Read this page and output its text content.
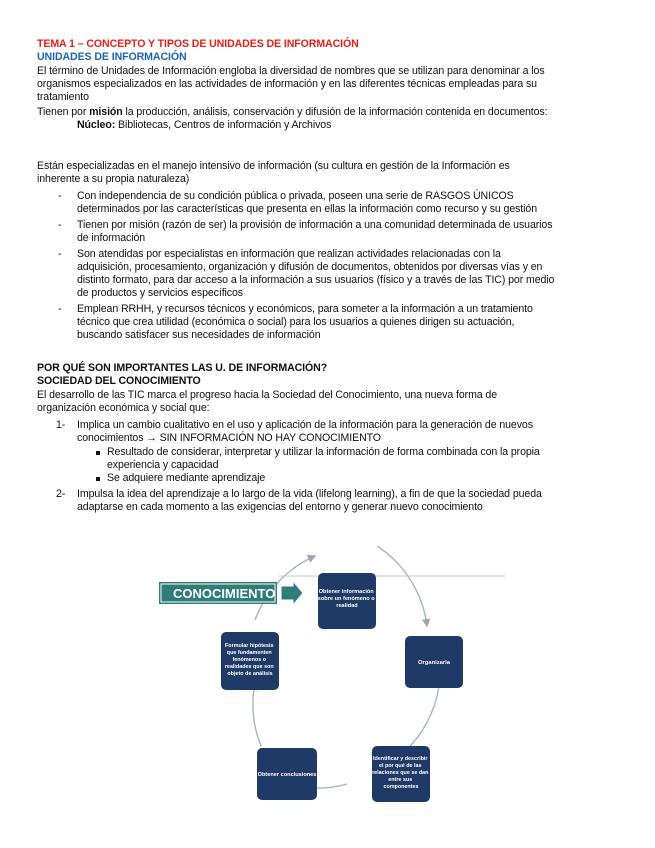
TEMA 1 – CONCEPTO Y TIPOS DE UNIDADES DE INFORMACIÓN
UNIDADES DE INFORMACIÓN
El término de Unidades de Información engloba la diversidad de nombres que se utilizan para denominar a los
organismos especializados en las actividades de información y en las diferentes técnicas empleadas para su
tratamiento
Tienen por misión la producción, análisis, conservación y difusión de la información contenida en documentos:
Núcleo: Bibliotecas, Centros de información y Archivos
Están especializadas en el manejo intensivo de información (su cultura en gestión de la Información es
inherente a su propia naturaleza)
- Con independencia de su condición pública o privada, poseen una serie de RASGOS ÚNICOS
determinados por las características que presenta en ellas la información como recurso y su gestión
- Tienen por misión (razón de ser) la provisión de información a una comunidad determinada de usuarios
de información
- Son atendidas por especialistas en información que realizan actividades relacionadas con la
adquisición, procesamiento, organización y difusión de documentos, obtenidos por diversas vías y en
distinto formato, para dar acceso a la información a sus usuarios (físico y a través de las TIC) por medio
de productos y servicios específicos
- Emplean RRHH, y recursos técnicos y económicos, para someter a la información a un tratamiento
técnico que crea utilidad (económica o social) para los usuarios a quienes dirigen su actuación,
buscando satisfacer sus necesidades de información
POR QUÉ SON IMPORTANTES LAS U. DE INFORMACIÓN?
SOCIEDAD DEL CONOCIMIENTO
El desarrollo de las TIC marca el progreso hacia la Sociedad del Conocimiento, una nueva forma de
organización económica y social que:
1- Implica un cambio cualitativo en el uso y aplicación de la información para la generación de nuevos
conocimientos → SIN INFORMACIÓN NO HAY CONOCIMIENTO
Resultado de considerar, interpretar y utilizar la información de forma combinada con la propia
experiencia y capacidad
Se adquiere mediante aprendizaje
2- Impulsa la idea del aprendizaje a lo largo de la vida (lifelong learning), a fin de que la sociedad pueda
adaptarse en cada momento a las exigencias del entorno y generar nuevo conocimiento
CONOCIMIENTO	Obtener información sobre un fenómeno o realidad
Organizarla
Identificar y describir el por qué de las relaciones que se dan entre sus componentes
Obtener conclusiones
Formular hipótesis que fundamenten fenómenos o realidades que son objeto de análisis
